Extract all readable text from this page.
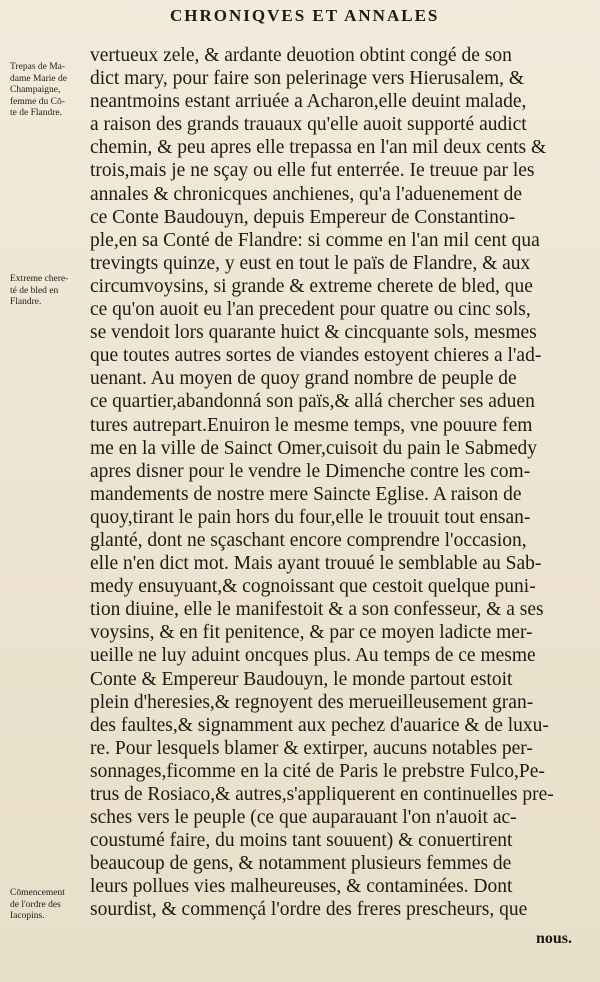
CHRONIQVES ET ANNALES
Trepas de Ma-
dame Marie de
Champaigne,
femme du Cō-
te de Flandre.
Extreme chere-
té de bled en
Flandre.
Cōmencement
de l'ordre des
Iacopins.
vertueux zele, & ardante deuotion obtint congé de son
dict mary, pour faire son pelerinage vers Hierusalem, &
neantmoins estant arriuée a Acharon,elle deuint malade,
a raison des grands trauaux qu'elle auoit supporté audict
chemin, & peu apres elle trepassa en l'an mil deux cents &
trois,mais je ne sçay ou elle fut enterrée. Ie treuue par les
annales & chronicques anchienes, qu'a l'aduenement de
ce Conte Baudouyn, depuis Empereur de Constantino-
ple,en sa Conté de Flandre: si comme en l'an mil cent qua
trevingts quinze, y eust en tout le païs de Flandre, & aux
circumvoysins, si grande & extreme cherete de bled, que
ce qu'on auoit eu l'an precedent pour quatre ou cinc sols,
se vendoit lors quarante huict & cincquante sols, mesmes
que toutes autres sortes de viandes estoyent chieres a l'ad-
uenant. Au moyen de quoy grand nombre de peuple de
ce quartier,abandonná son païs,& allá chercher ses aduen
tures autrepart.Enuiron le mesme temps, vne pouure fem
me en la ville de Sainct Omer,cuisoit du pain le Sabmedy
apres disner pour le vendre le Dimenche contre les com-
mandements de nostre mere Saincte Eglise. A raison de
quoy,tirant le pain hors du four,elle le trouuit tout ensan-
glanté, dont ne sçaschant encore comprendre l'occasion,
elle n'en dict mot. Mais ayant trouué le semblable au Sab-
medy ensuyuant,& cognoissant que cestoit quelque puni-
tion diuine, elle le manifestoit & a son confesseur, & a ses
voysins, & en fit penitence, & par ce moyen ladicte mer-
ueille ne luy aduint oncques plus. Au temps de ce mesme
Conte & Empereur Baudouyn, le monde partout estoit
plein d'heresies,& regnoyent des merueilleusement gran-
des faultes,& signamment aux pechez d'auarice & de luxu-
re. Pour lesquels blamer & extirper, aucuns notables per-
sonnages,ficomme en la cité de Paris le prebstre Fulco,Pe-
trus de Rosiaco,& autres,s'appliquerent en continuelles pre-
sches vers le peuple (ce que auparauant l'on n'auoit ac-
coustumé faire, du moins tant souuent) & conuertirent
beaucoup de gens, & notamment plusieurs femmes de
leurs pollues vies malheureuses, & contaminées. Dont
sourdist, & commençá l'ordre des freres prescheurs, que
nous.
